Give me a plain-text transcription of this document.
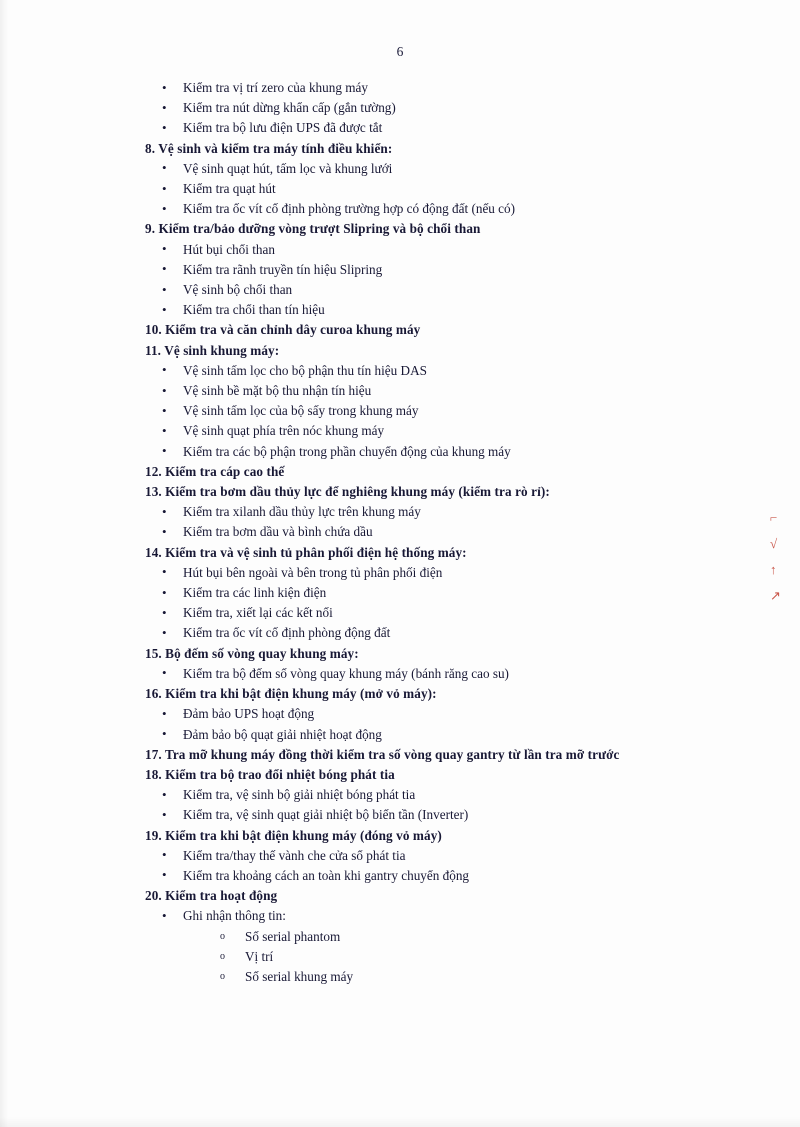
6
• Kiểm tra vị trí zero của khung máy
• Kiểm tra nút dừng khẩn cấp (gắn tường)
• Kiểm tra bộ lưu điện UPS đã được tắt
8. Vệ sinh và kiểm tra máy tính điều khiển:
• Vệ sinh quạt hút, tấm lọc và khung lưới
• Kiểm tra quạt hút
• Kiểm tra ốc vít cố định phòng trường hợp có động đất (nếu có)
9. Kiểm tra/bảo dưỡng vòng trượt Slipring và bộ chổi than
• Hút bụi chổi than
• Kiểm tra rãnh truyền tín hiệu Slipring
• Vệ sinh bộ chổi than
• Kiểm tra chổi than tín hiệu
10. Kiểm tra và căn chỉnh dây curoa khung máy
11. Vệ sinh khung máy:
• Vệ sinh tấm lọc cho bộ phận thu tín hiệu DAS
• Vệ sinh bề mặt bộ thu nhận tín hiệu
• Vệ sinh tấm lọc của bộ sấy trong khung máy
• Vệ sinh quạt phía trên nóc khung máy
• Kiểm tra các bộ phận trong phần chuyển động của khung máy
12. Kiểm tra cáp cao thế
13. Kiểm tra bơm dầu thủy lực để nghiêng khung máy (kiểm tra rò rỉ):
• Kiểm tra xilanh dầu thủy lực trên khung máy
• Kiểm tra bơm dầu và bình chứa dầu
14. Kiểm tra và vệ sinh tủ phân phối điện hệ thống máy:
• Hút bụi bên ngoài và bên trong tủ phân phối điện
• Kiểm tra các linh kiện điện
• Kiểm tra, xiết lại các kết nối
• Kiểm tra ốc vít cố định phòng động đất
15. Bộ đếm số vòng quay khung máy:
• Kiểm tra bộ đếm số vòng quay khung máy (bánh răng cao su)
16. Kiểm tra khi bật điện khung máy (mở vỏ máy):
• Đảm bảo UPS hoạt động
• Đảm bảo bộ quạt giải nhiệt hoạt động
17. Tra mỡ khung máy đồng thời kiểm tra số vòng quay gantry từ lần tra mỡ trước
18. Kiểm tra bộ trao đổi nhiệt bóng phát tia
• Kiểm tra, vệ sinh bộ giải nhiệt bóng phát tia
• Kiểm tra, vệ sinh quạt giải nhiệt bộ biến tần (Inverter)
19. Kiểm tra khi bật điện khung máy (đóng vỏ máy)
• Kiểm tra/thay thế vành che cửa sổ phát tia
• Kiểm tra khoảng cách an toàn khi gantry chuyển động
20. Kiểm tra hoạt động
• Ghi nhận thông tin:
o Số serial phantom
o Vị trí
o Số serial khung máy
⌐
√
↑
↗
